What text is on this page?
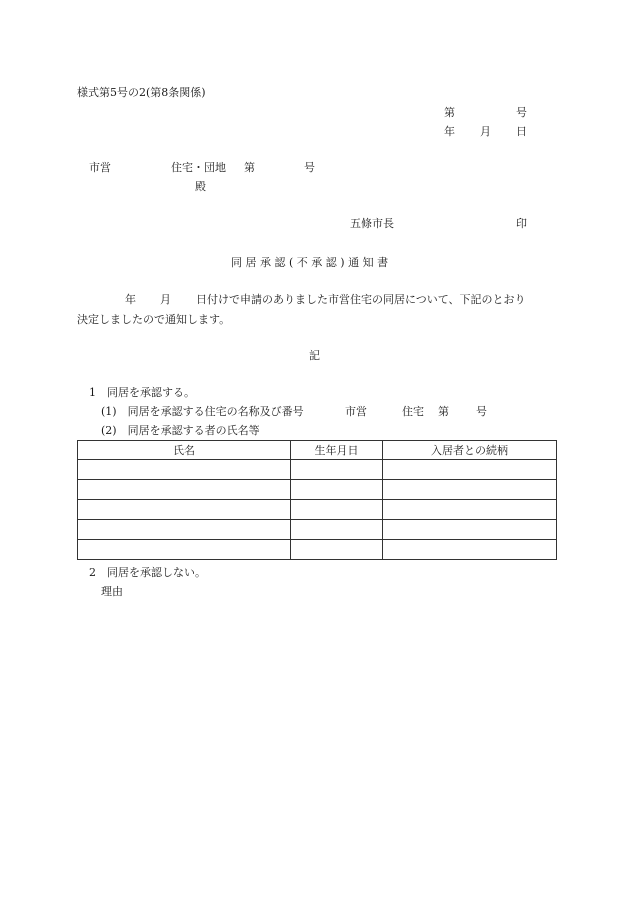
様式第5号の2(第8条関係)
第	号
年 月 日
市営	住宅・団地 第	号
殿
五條市長	印
同居承認(不承認)通知書
年 月 日付けで申請のありました市営住宅の同居について、下記のとおり
決定しましたので通知します。
記
1　同居を承認する。
(1)　同居を承認する住宅の名称及び番号	市営	住宅 第 号
(2)　同居を承認する者の氏名等
氏名	生年月日	入居者との続柄

2　同居を承認しない。
理由
